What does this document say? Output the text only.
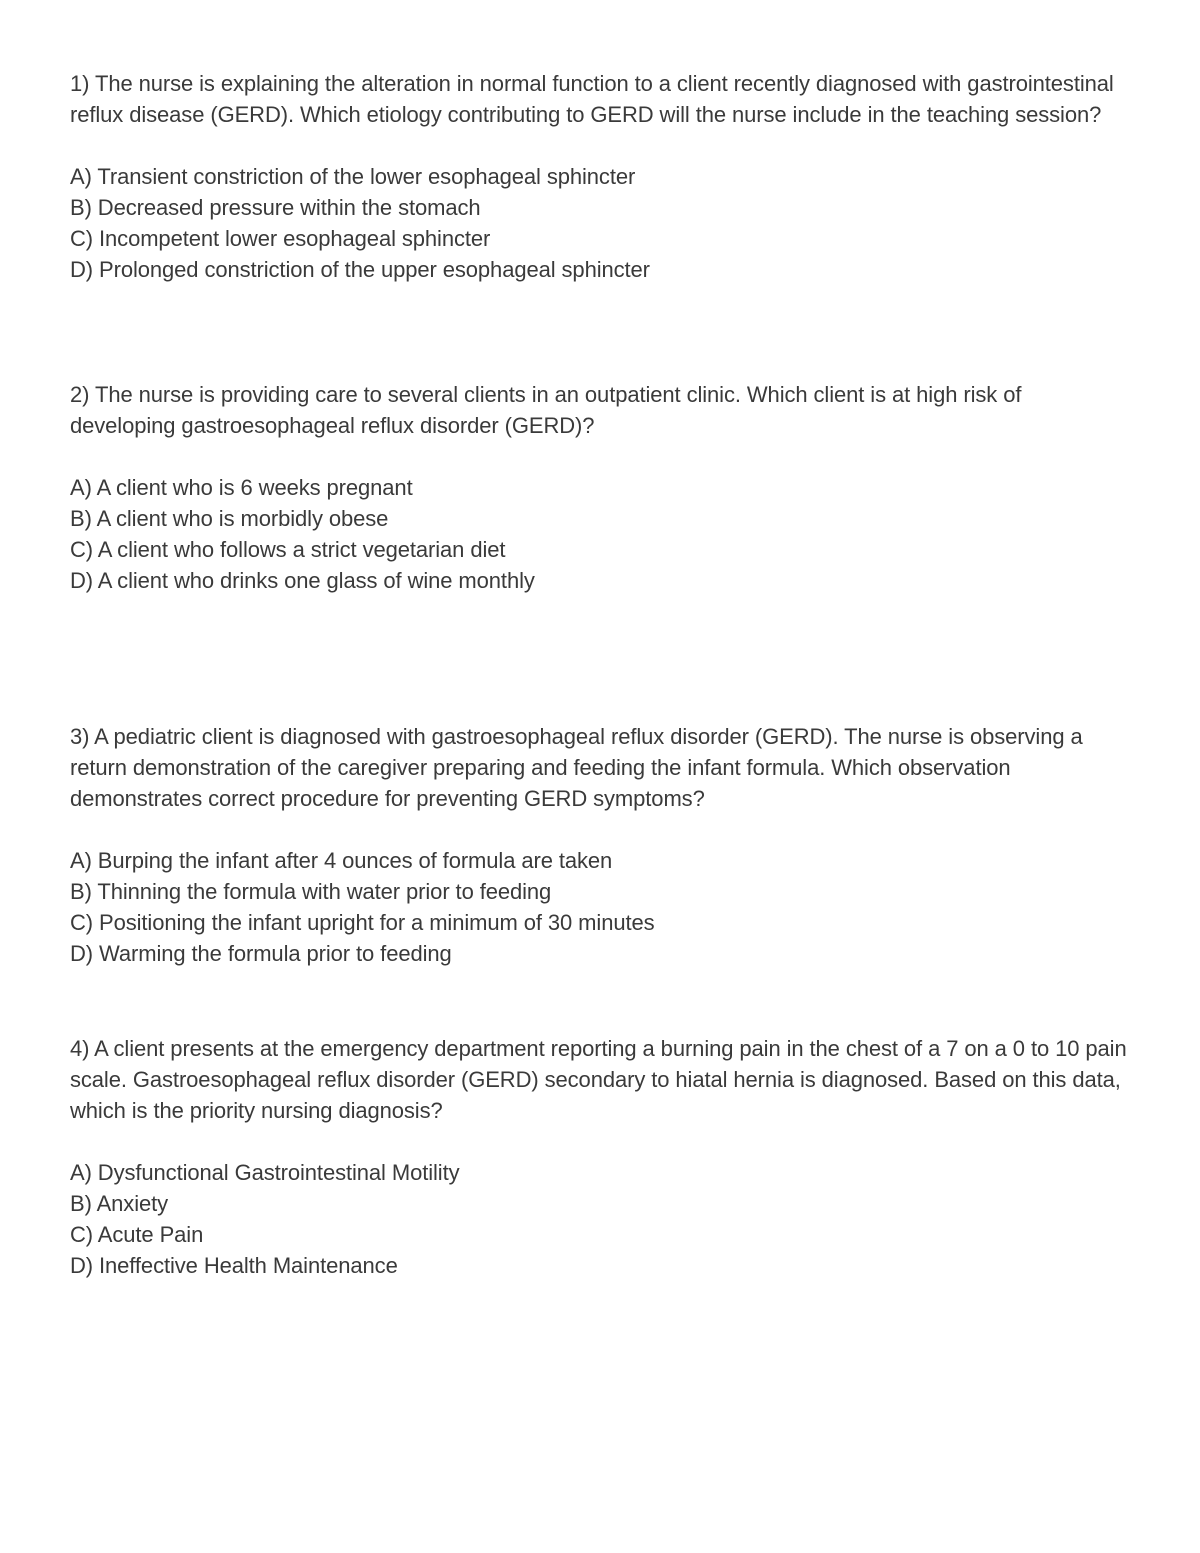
1) The nurse is explaining the alteration in normal function to a client recently diagnosed with gastrointestinal reflux disease (GERD). Which etiology contributing to GERD will the nurse include in the teaching session?

A) Transient constriction of the lower esophageal sphincter
B) Decreased pressure within the stomach
C) Incompetent lower esophageal sphincter
D) Prolonged constriction of the upper esophageal sphincter

2) The nurse is providing care to several clients in an outpatient clinic. Which client is at high risk of developing gastroesophageal reflux disorder (GERD)?

A) A client who is 6 weeks pregnant
B) A client who is morbidly obese
C) A client who follows a strict vegetarian diet
D) A client who drinks one glass of wine monthly

3) A pediatric client is diagnosed with gastroesophageal reflux disorder (GERD). The nurse is observing a return demonstration of the caregiver preparing and feeding the infant formula. Which observation demonstrates correct procedure for preventing GERD symptoms?

A) Burping the infant after 4 ounces of formula are taken
B) Thinning the formula with water prior to feeding
C) Positioning the infant upright for a minimum of 30 minutes
D) Warming the formula prior to feeding

4) A client presents at the emergency department reporting a burning pain in the chest of a 7 on a 0 to 10 pain scale. Gastroesophageal reflux disorder (GERD) secondary to hiatal hernia is diagnosed. Based on this data, which is the priority nursing diagnosis?

A) Dysfunctional Gastrointestinal Motility
B) Anxiety
C) Acute Pain
D) Ineffective Health Maintenance
